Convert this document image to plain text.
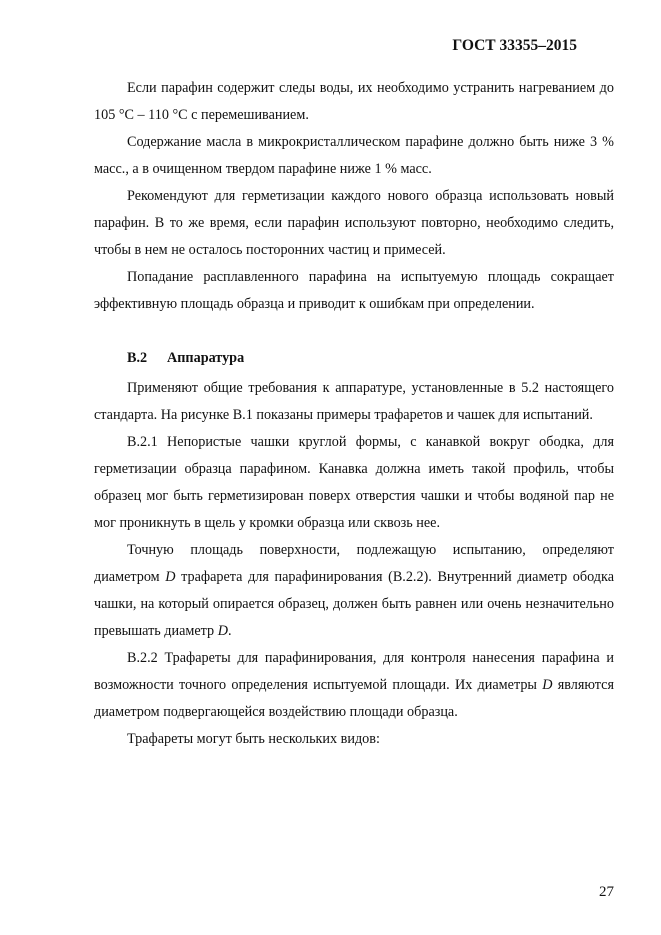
ГОСТ 33355–2015

Если парафин содержит следы воды, их необходимо устранить нагреванием до 105 °С – 110 °С с перемешиванием.

Содержание масла в микрокристаллическом парафине должно быть ниже 3 % масс., а в очищенном твердом парафине ниже 1 % масс.

Рекомендуют для герметизации каждого нового образца использовать новый парафин. В то же время, если парафин используют повторно, необходимо следить, чтобы в нем не осталось посторонних частиц и примесей.

Попадание расплавленного парафина на испытуемую площадь сокращает эффективную площадь образца и приводит к ошибкам при определении.

В.2 Аппаратура

Применяют общие требования к аппаратуре, установленные в 5.2 настоящего стандарта. На рисунке В.1 показаны примеры трафаретов и чашек для испытаний.

В.2.1 Непористые чашки круглой формы, с канавкой вокруг ободка, для герметизации образца парафином. Канавка должна иметь такой профиль, чтобы образец мог быть герметизирован поверх отверстия чашки и чтобы водяной пар не мог проникнуть в щель у кромки образца или сквозь нее.

Точную площадь поверхности, подлежащую испытанию, определяют диаметром D трафарета для парафинирования (В.2.2). Внутренний диаметр ободка чашки, на который опирается образец, должен быть равнен или очень незначительно превышать диаметр D.

В.2.2 Трафареты для парафинирования, для контроля нанесения парафина и возможности точного определения испытуемой площади. Их диаметры D являются диаметром подвергающейся воздействию площади образца.

Трафареты могут быть нескольких видов:

27
